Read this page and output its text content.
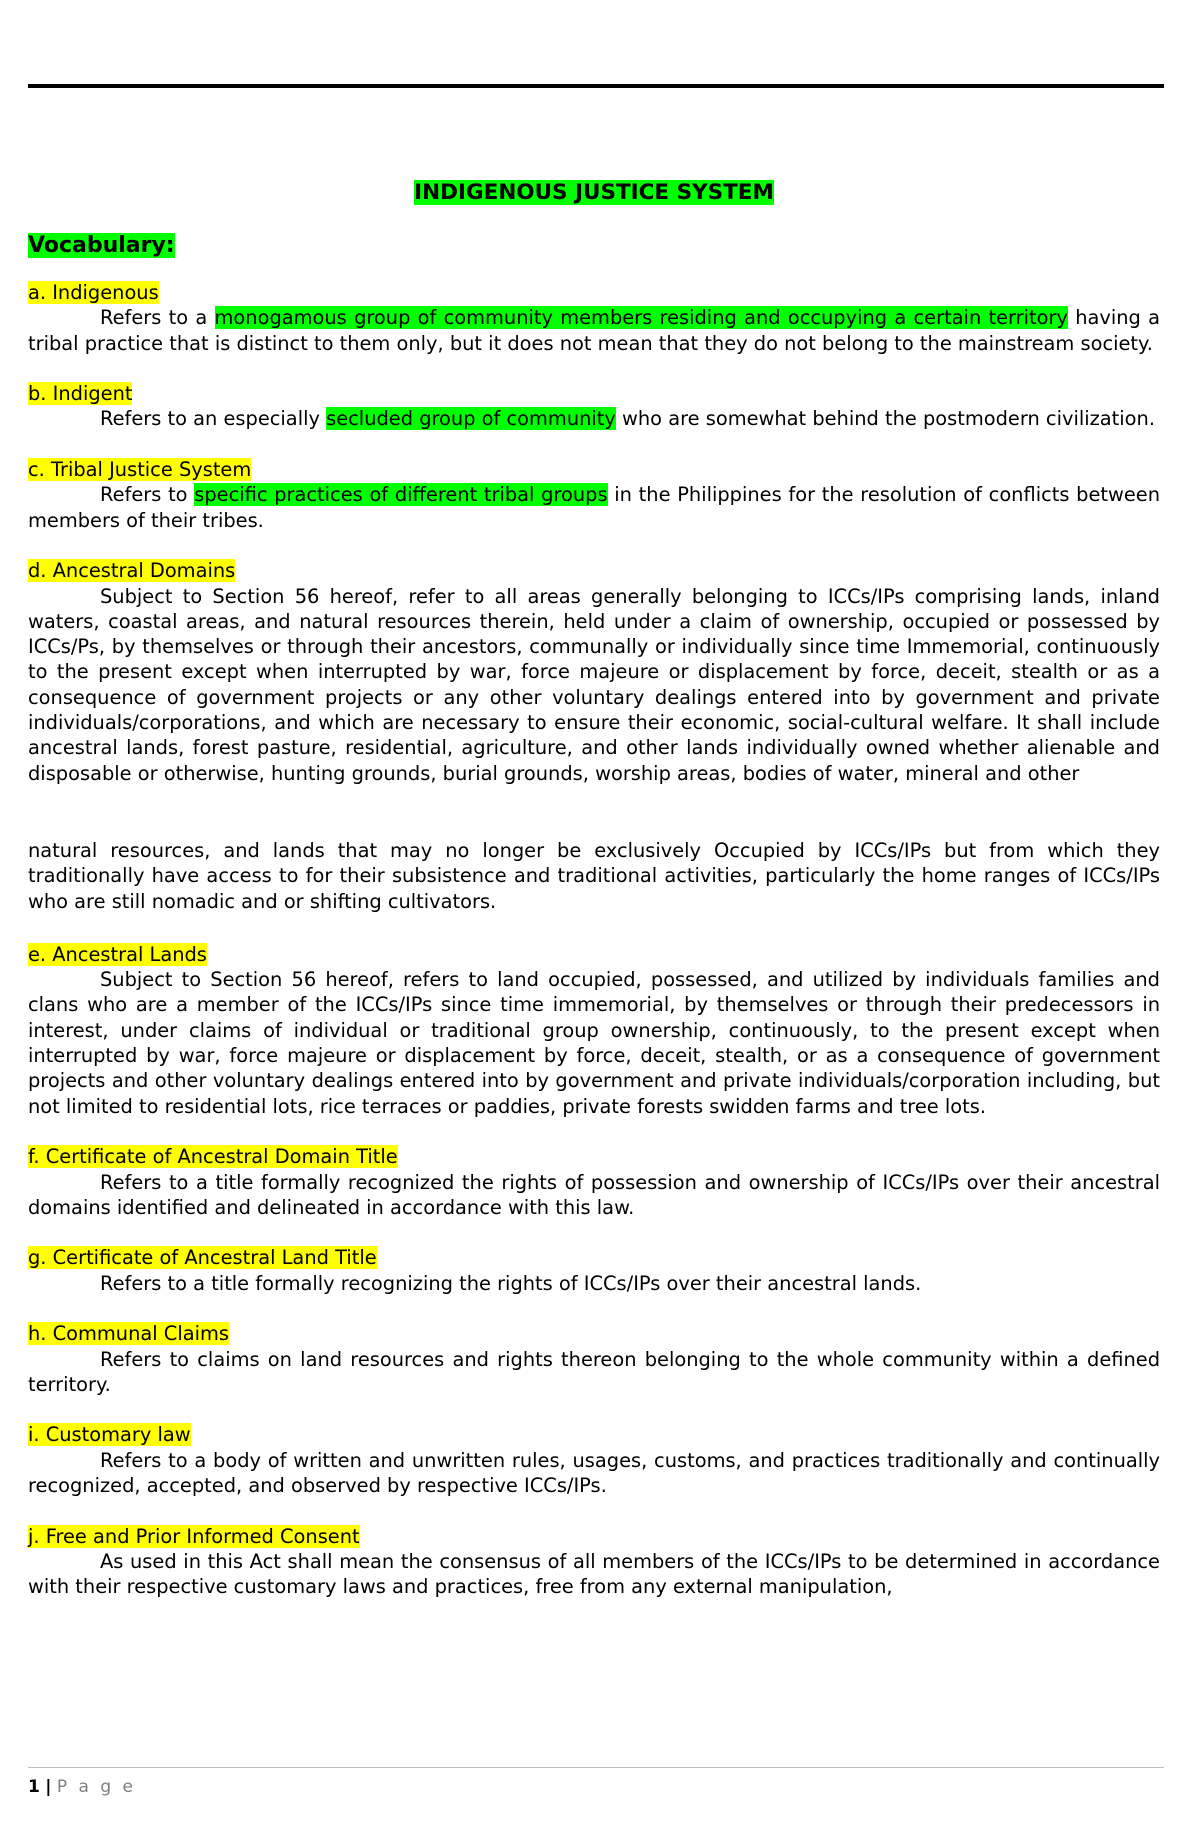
INDIGENOUS JUSTICE SYSTEM
Vocabulary:
a. Indigenous

Refers to a monogamous group of community members residing and occupying a certain territory having a tribal practice that is distinct to them only, but it does not mean that they do not belong to the mainstream society.

b. Indigent

Refers to an especially secluded group of community who are somewhat behind the postmodern civilization.

c. Tribal Justice System

Refers to specific practices of different tribal groups in the Philippines for the resolution of conflicts between members of their tribes.

d. Ancestral Domains

Subject to Section 56 hereof, refer to all areas generally belonging to ICCs/IPs comprising lands, inland waters, coastal areas, and natural resources therein, held under a claim of ownership, occupied or possessed by ICCs/Ps, by themselves or through their ancestors, communally or individually since time Immemorial, continuously to the present except when interrupted by war, force majeure or displacement by force, deceit, stealth or as a consequence of government projects or any other voluntary dealings entered into by government and private individuals/corporations, and which are necessary to ensure their economic, social-cultural welfare. It shall include ancestral lands, forest pasture, residential, agriculture, and other lands individually owned whether alienable and disposable or otherwise, hunting grounds, burial grounds, worship areas, bodies of water, mineral and other

natural resources, and lands that may no longer be exclusively Occupied by ICCs/IPs but from which they traditionally have access to for their subsistence and traditional activities, particularly the home ranges of ICCs/IPs who are still nomadic and or shifting cultivators.

e. Ancestral Lands

Subject to Section 56 hereof, refers to land occupied, possessed, and utilized by individuals families and clans who are a member of the ICCs/IPs since time immemorial, by themselves or through their predecessors in interest, under claims of individual or traditional group ownership, continuously, to the present except when interrupted by war, force majeure or displacement by force, deceit, stealth, or as a consequence of government projects and other voluntary dealings entered into by government and private individuals/corporation including, but not limited to residential lots, rice terraces or paddies, private forests swidden farms and tree lots.

f. Certificate of Ancestral Domain Title

Refers to a title formally recognized the rights of possession and ownership of ICCs/IPs over their ancestral domains identified and delineated in accordance with this law.

g. Certificate of Ancestral Land Title

Refers to a title formally recognizing the rights of ICCs/IPs over their ancestral lands.

h. Communal Claims

Refers to claims on land resources and rights thereon belonging to the whole community within a defined territory.

i. Customary law

Refers to a body of written and unwritten rules, usages, customs, and practices traditionally and continually recognized, accepted, and observed by respective ICCs/IPs.

j. Free and Prior Informed Consent

As used in this Act shall mean the consensus of all members of the ICCs/IPs to be determined in accordance with their respective customary laws and practices, free from any external manipulation,

1 | P a g e
